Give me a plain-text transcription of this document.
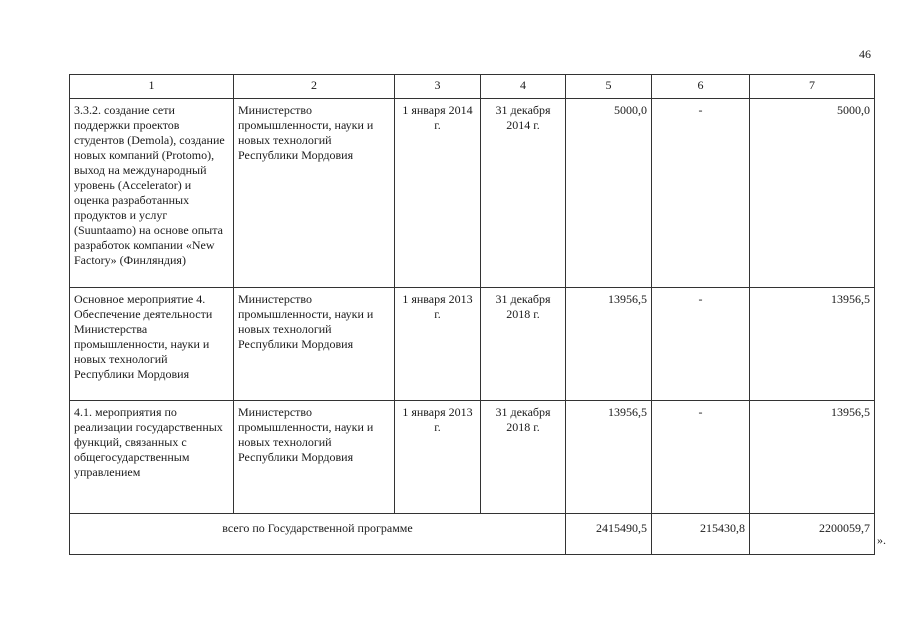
46
1	2	3	4	5	6	7
3.3.2. создание сети поддержки проектов студентов (Demola), создание новых компаний (Protomo), выход на международный уровень (Accelerator) и оценка разработанных продуктов и услуг (Suuntaamo) на основе опыта разработок компании «New Factory» (Финляндия)	Министерство промышленности, науки и новых технологий Республики Мордовия	1 января 2014 г.	31 декабря 2014 г.	5000,0	-	5000,0
Основное мероприятие 4. Обеспечение деятельности Министерства промышленности, науки и новых технологий Республики Мордовия	Министерство промышленности, науки и новых технологий Республики Мордовия	1 января 2013 г.	31 декабря 2018 г.	13956,5	-	13956,5
4.1. мероприятия по реализации государственных функций, связанных с общегосударственным управлением	Министерство промышленности, науки и новых технологий Республики Мордовия	1 января 2013 г.	31 декабря 2018 г.	13956,5	-	13956,5
всего по Государственной программе				2415490,5	215430,8	2200059,7
».
